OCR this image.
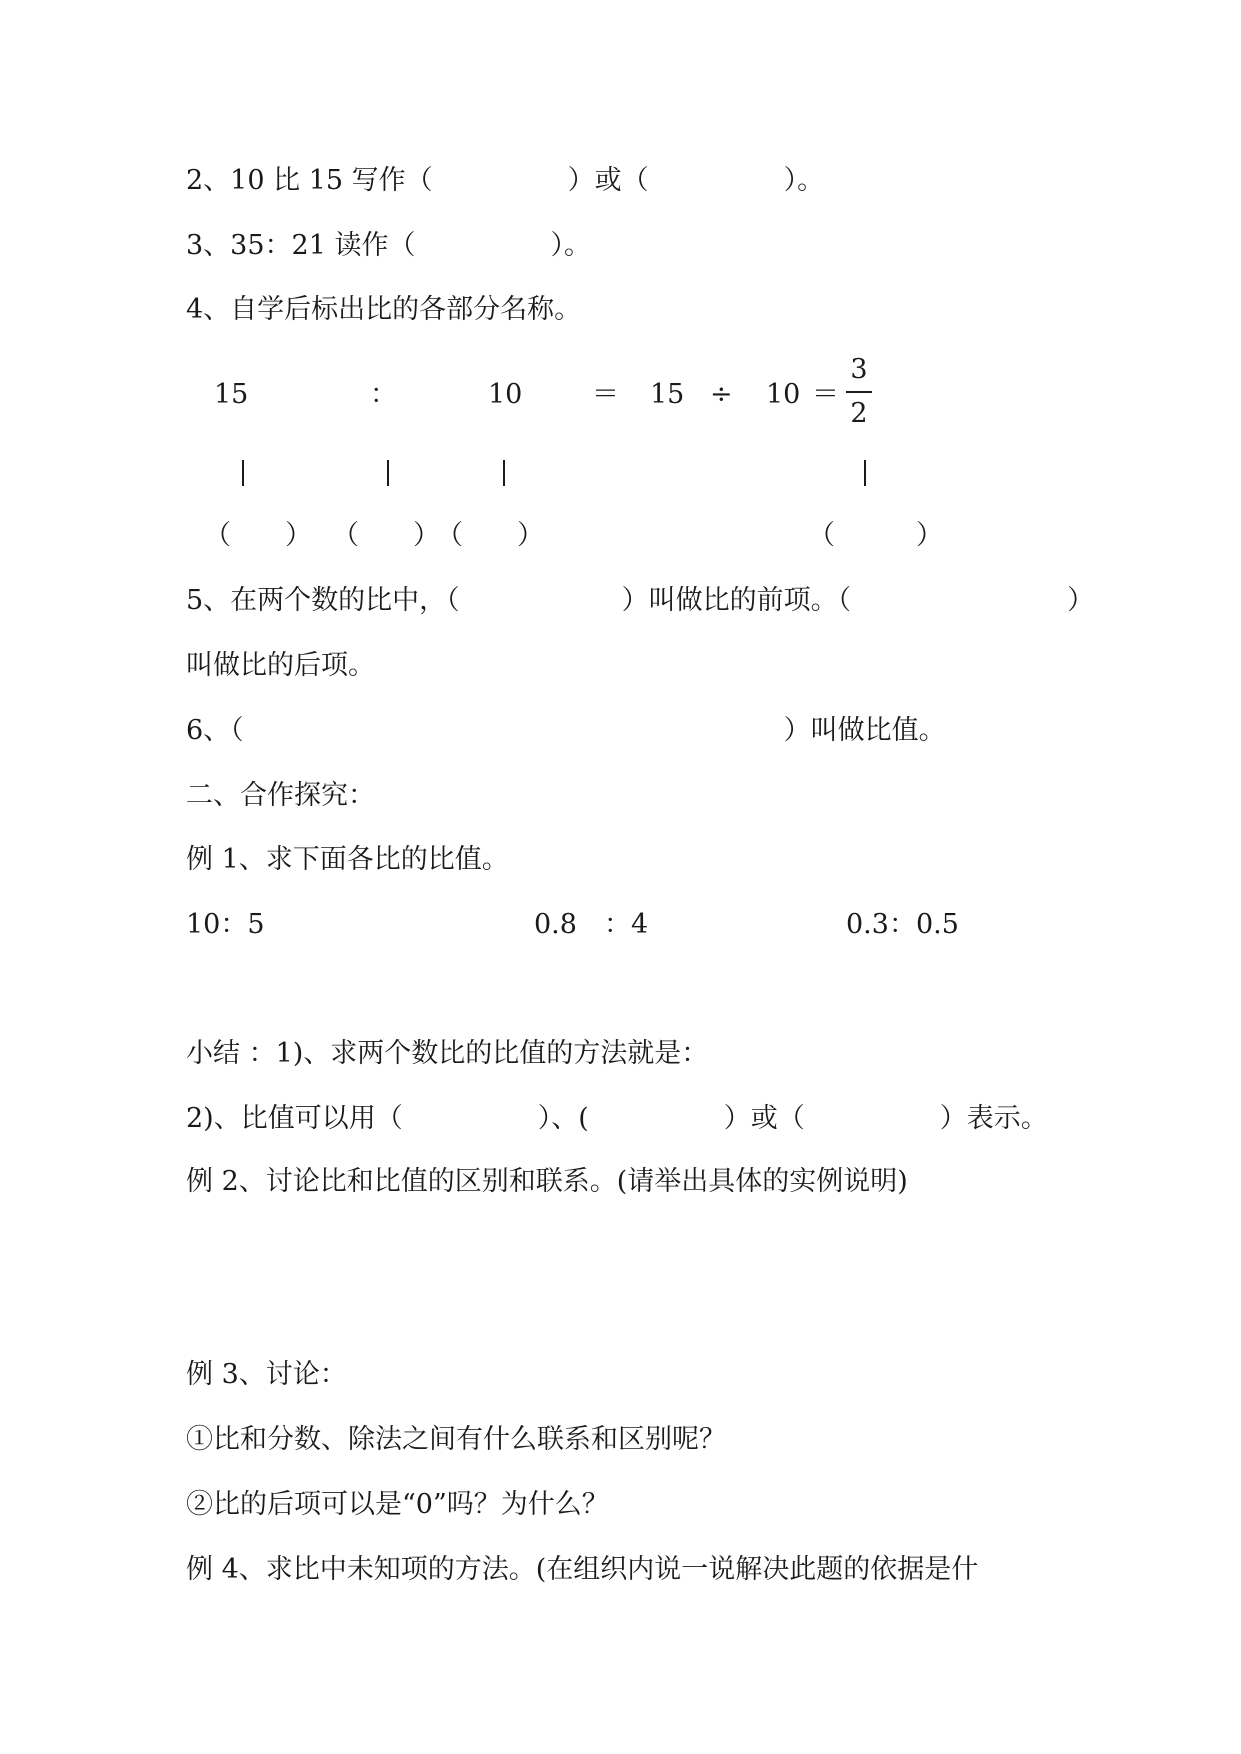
2、10 比 15 写作（　　　　　）或（　　　　　）。
3、35：21 读作（　　　　　）。
4、自学后标出比的各部分名称。
15	：	10	＝ 15 ÷ 10 ＝
3
2
（　　） （　　）
（　　）	（　　　）
5、在两个数的比中，（　　　　　　）叫做比的前项。（　　　　　　　　）
叫做比的后项。
6、（　　　　　　　　　　　　　　　　　　　　）叫做比值。
二、合作探究：
例 1、求下面各比的比值。
10：5	0.8　：4	0.3：0.5
小结 ：1)、求两个数比的比值的方法就是：
2)、比值可以用（　　　　　）、(　　　　　）或（　　　　　）表示。
例 2、讨论比和比值的区别和联系。(请举出具体的实例说明)
例 3、讨论：
①比和分数、除法之间有什么联系和区别呢？
②比的后项可以是“0”吗？为什么？
例 4、求比中未知项的方法。(在组织内说一说解决此题的依据是什
